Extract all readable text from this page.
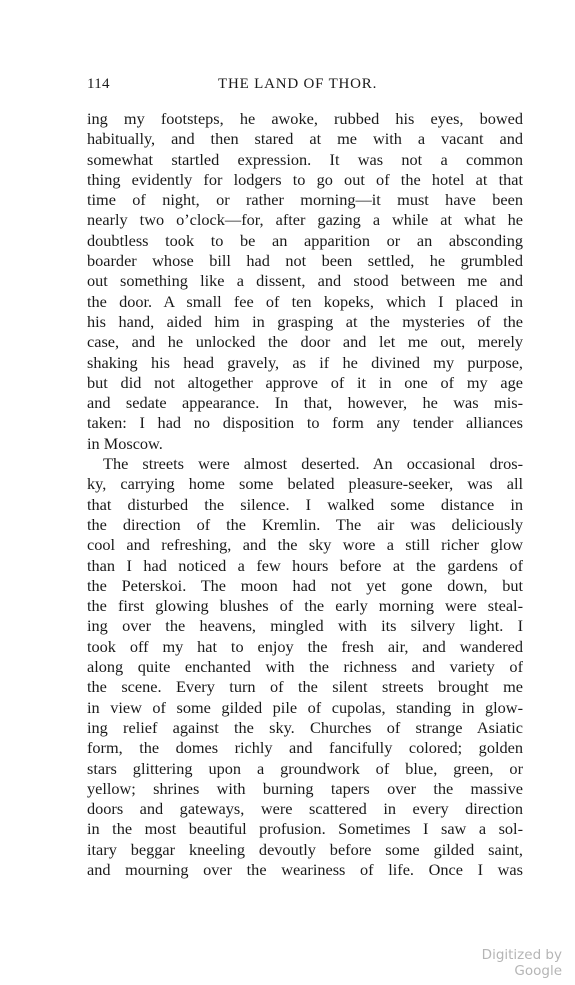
114	THE LAND OF THOR.
ing my footsteps, he awoke, rubbed his eyes, bowed
habitually, and then stared at me with a vacant and
somewhat startled expression. It was not a common
thing evidently for lodgers to go out of the hotel at that
time of night, or rather morning—it must have been
nearly two o’clock—for, after gazing a while at what he
doubtless took to be an apparition or an absconding
boarder whose bill had not been settled, he grumbled
out something like a dissent, and stood between me and
the door. A small fee of ten kopeks, which I placed in
his hand, aided him in grasping at the mysteries of the
case, and he unlocked the door and let me out, merely
shaking his head gravely, as if he divined my purpose,
but did not altogether approve of it in one of my age
and sedate appearance. In that, however, he was mis-
taken: I had no disposition to form any tender alliances
in Moscow.
The streets were almost deserted. An occasional dros-
ky, carrying home some belated pleasure-seeker, was all
that disturbed the silence. I walked some distance in
the direction of the Kremlin. The air was deliciously
cool and refreshing, and the sky wore a still richer glow
than I had noticed a few hours before at the gardens of
the Peterskoi. The moon had not yet gone down, but
the first glowing blushes of the early morning were steal-
ing over the heavens, mingled with its silvery light. I
took off my hat to enjoy the fresh air, and wandered
along quite enchanted with the richness and variety of
the scene. Every turn of the silent streets brought me
in view of some gilded pile of cupolas, standing in glow-
ing relief against the sky. Churches of strange Asiatic
form, the domes richly and fancifully colored; golden
stars glittering upon a groundwork of blue, green, or
yellow; shrines with burning tapers over the massive
doors and gateways, were scattered in every direction
in the most beautiful profusion. Sometimes I saw a sol-
itary beggar kneeling devoutly before some gilded saint,
and mourning over the weariness of life. Once I was
Digitized by Google
